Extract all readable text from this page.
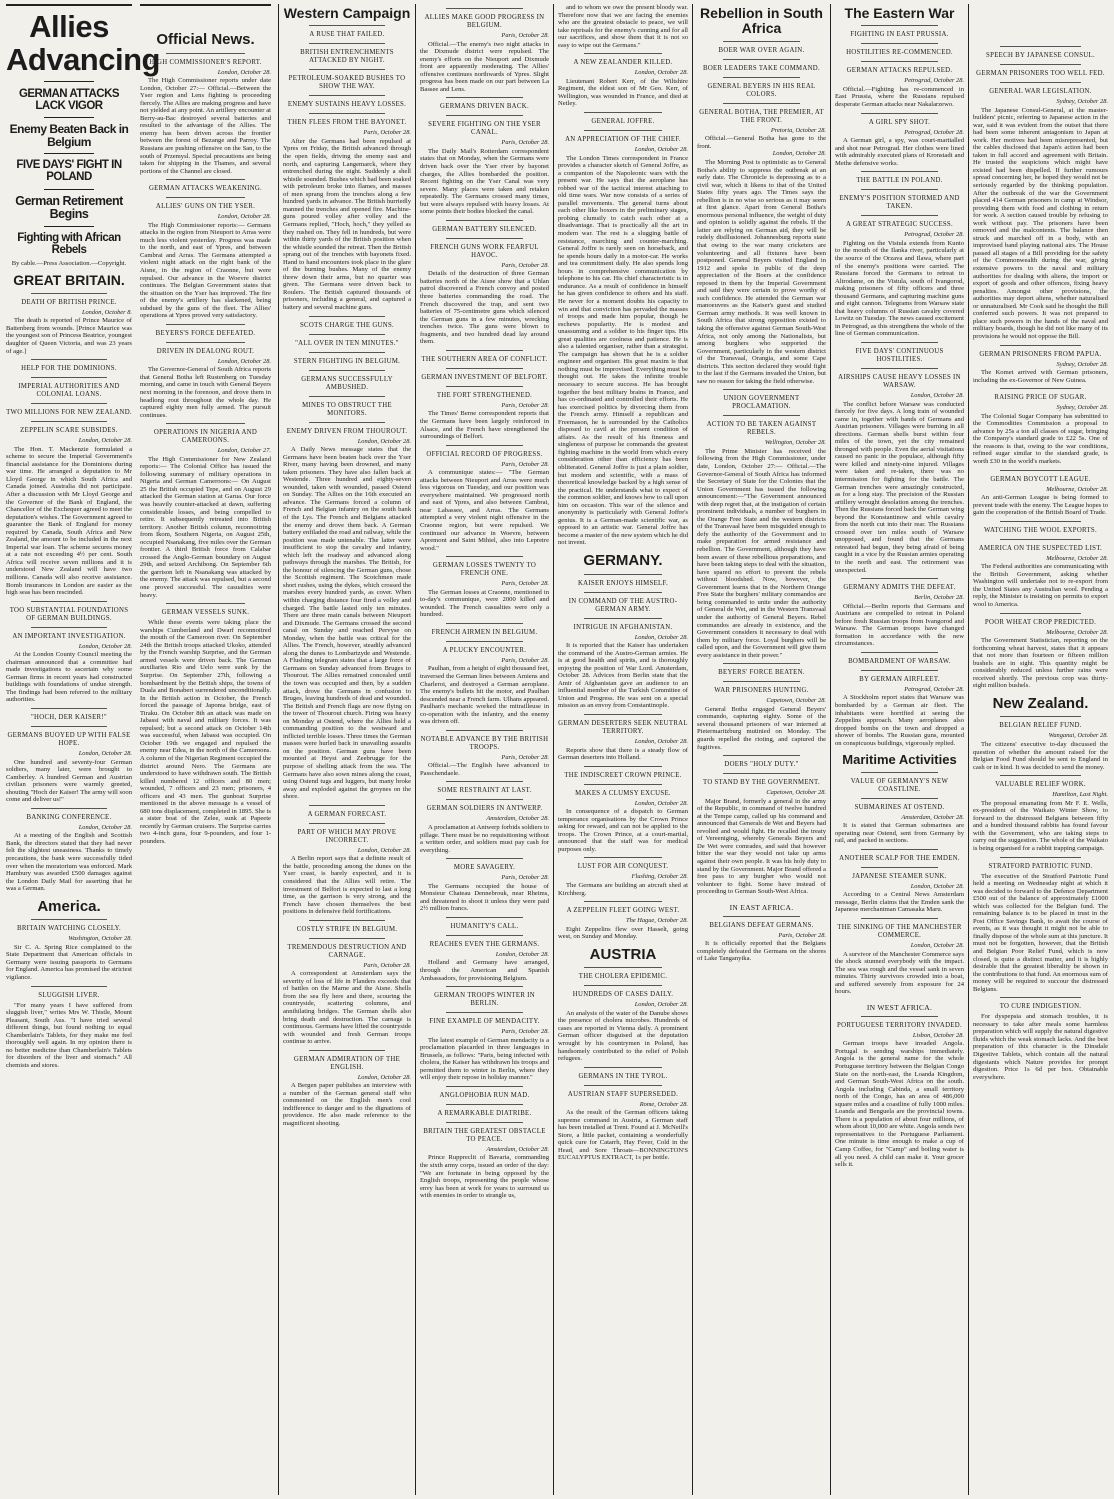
Allies Advancing
GERMAN ATTACKS LACK VIGOR
Enemy Beaten Back in Belgium
FIVE DAYS' FIGHT IN POLAND
German Retirement Begins
Fighting with African Rebels
By cable.—Press Association.—Copyright.
GREAT BRITAIN.
DEATH OF BRITISH PRINCE.
London, October 8.

The death is reported of Prince Maurice of Battenberg from wounds. [Prince Maurice was the youngest son of Princess Beatrice, youngest daughter of Queen Victoria, and was 23 years of age.]

HELP FOR THE DOMINIONS.
IMPERIAL AUTHORITIES AND COLONIAL LOANS.
TWO MILLIONS FOR NEW ZEALAND.
ZEPPELIN SCARE SUBSIDES.
London, October 28.

The Hon. T. Mackenzie formulated a scheme to secure the Imperial Government's financial assistance for the Dominions during war time. He arranged a deputation to Mr Lloyd George in which South Africa and Canada joined. Australia did not participate. After a discussion with Mr Lloyd George and the Governor of the Bank of England, the Chancellor of the Exchequer agreed to meet the deputation's wishes. The Government agreed to guarantee the Bank of England for money required by Canada, South Africa and New Zealand, the amount to be included in the next Imperial war loan. The scheme secures money at a rate not exceeding 4½ per cent. South Africa will receive seven millions and it is understood New Zealand will have two millions. Canada will also receive assistance. Bomb insurances in London are easier as the high seas has been rescinded.

TOO SUBSTANTIAL FOUNDATIONS OF GERMAN BUILDINGS.
AN IMPORTANT INVESTIGATION.
London, October 28.

At the London County Council meeting the chairman announced that a committee had made investigations to ascertain why some German firms in recent years had constructed buildings with foundations of undue strength. The findings had been referred to the military authorities.

"HOCH, DER KAISER!"
GERMANS BUOYED UP WITH FALSE HOPE.
London, October 28.

One hundred and seventy-four German soldiers, many later, were brought to Camberley. A hundred German and Austrian civilian prisoners were warmly greeted, shouting "Hoch der Kaiser! The army will soon come and deliver us!"

BANKING CONFERENCE.
London, October 28.

At a meeting of the English and Scottish Bank, the directors stated that they had never felt the slightest uneasiness. Thanks to timely precautions, the bank were successfully tided over when the moratorium was enforced. Mark Hambury was awarded £500 damages against the London Daily Mail for asserting that he was a German.

America.
BRITAIN WATCHING CLOSELY.
Washington, October 28.

Sir C. A. Spring Rice complained to the State Department that American officials in Germany were issuing passports to Germans for England. America has promised the strictest vigilance.

SLUGGISH LIVER.

"For many years I have suffered from sluggish liver," writes Mrs W. Thistle, Mount Pleasant, South Aus. "I have tried several different things, but found nothing to equal Chamberlain's Tablets, for they make me feel thoroughly well again. In my opinion there is no better medicine than Chamberlain's Tablets for disorders of the liver and stomach." All chemists and stores.

Official News.
HIGH COMMISSIONER'S REPORT.
London, October 28.

The High Commissioner reports under date London, October 27:— Official.—Between the Yser region and Lens fighting is proceeding fiercely. The Allies are making progress and have not yielded at any point. An artillery encounter at Berry-au-Bac destroyed several batteries and resulted to the advantage of the Allies. The enemy has been driven across the frontier between the forest of Bezange and Parroy. The Russians are pushing offensive on the San, to the south of Przemysl. Special precautions are being taken for shipping in the Thames, and several portions of the Channel are closed.

GERMAN ATTACKS WEAKENING.
ALLIES' GUNS ON THE YSER.
London, October 28.

The High Commissioner reports:— Germans attacks in the region from Nieuport to Arras were much less violent yesterday. Progress was made to the north, and east of Ypres, and between Cambrai and Arras. The Germans attempted a violent night attack on the right bank of the Aisne, in the region of Craonne, but were repulsed. Our advance in the Woevre district continues. The Belgian Government states that the situation on the Yser has improved. The fire of the enemy's artillery has slackened, being subdued by the guns of the fleet. The Allies' operations at Ypres proved very satisfactory.

BEYERS'S FORCE DEFEATED.
DRIVEN IN DEALONG ROUT.
London, October 28.

The Governor-General of South Africa reports that General Botha left Rustenberg on Tuesday morning, and came in touch with General Beyers next morning in the forenoon, and drove them in headlong rout throughout the whole day. He captured eighty men fully armed. The pursuit continues.

OPERATIONS IN NIGERIA AND CAMEROONS.
London, October 27.

The High Commissioner for New Zealand reports:— The Colonial Office has issued the following summary of military operations in Nigeria and German Cameroons:— On August 25 the British occupied Tepe, and on August 29 attacked the German station at Garua. Our force was heavily counter-attacked at dawn, suffering considerable losses, and being compelled to retire. It subsequently retreated into British territory. Another British column, reconnoitring from Ikom, Southern Nigeria, on August 25th, occupied Nsanakang, five miles over the German frontier. A third British force from Calabar crossed the Anglo-German boundary on August 29th, and seized Archibong. On September 6th the garrison left in Nsanakang was attacked by the enemy. The attack was repulsed, but a second one proved successful. The casualties were heavy.

GERMAN VESSELS SUNK.

While these events were taking place the warships Cumberland and Dwarf reconnoitred the mouth of the Cameroon river. On September 24th the British troops attacked Ukoko, attended by the French warship Surprise, and the German armed vessels were driven back. The German auxiliaries Rio and Uelo were sunk by the Surprise. On September 27th, following a bombardment by the British ships, the towns of Duala and Bonaberi surrendered unconditionally. In the British action in October, the French forced the passage of Japoma bridge, east of Tiraku. On October 8th an attack was made on Jabassi with naval and military forces. It was repulsed; but a second attack on October 14th was successful, when Jabassi was occupied. On October 19th we engaged and repulsed the enemy near Edea, in the north of the Cameroons. A column of the Nigerian Regiment occupied the district around Nero. The Germans are understood to have withdrawn south. The British killed numbered 12 officers and 80 men; wounded, 7 officers and 23 men; prisoners, 4 officers and 43 men. The gunboat Surprise mentioned in the above message is a vessel of 680 tons displacement, completed in 1895. She is a sister boat of the Zelee, sunk at Papeete recently by German cruisers. The Surprise carries two 4-inch guns, four 9-pounders, and four 1-pounders.

Western Campaign
A RUSE THAT FAILED.
BRITISH ENTRENCHMENTS ATTACKED BY NIGHT.
PETROLEUM-SOAKED BUSHES TO SHOW THE WAY.
ENEMY SUSTAINS HEAVY LOSSES.
THEN FLEES FROM THE BAYONET.
Paris, October 28.

After the Germans had been repulsed at Ypres on Friday, the British advanced through the open fields, driving the enemy east and north, and capturing Langemarck, where they entrenched during the night. Suddenly a shell whistle sounded. Bushes which had been soaked with petroleum broke into flames, and masses of men sprang from the trenches along a few hundred yards in advance. The British hurriedly manned the trenches and opened fire. Machine-guns poured volley after volley and the Germans replied, "Hoch, hoch," they yelled as they rushed on. They fell in hundreds, but were within thirty yards of the British position when the whistle sounded the retreat. Then the British sprang out of the trenches with bayonets fixed. Hand to hand encounters took place in the glare of the burning bushes. Many of the enemy threw down their arms, but no quarter was given. The Germans were driven back to Roulers. The British captured thousands of prisoners, including a general, and captured a battery and several machine guns.

SCOTS CHARGE THE GUNS.
"ALL OVER IN TEN MINUTES."
STERN FIGHTING IN BELGIUM.
GERMANS SUCCESSFULLY AMBUSHED.
MINES TO OBSTRUCT THE MONITORS.
ENEMY DRIVEN FROM THOUROUT.
London, October 28.

A Daily News message states that the Germans have been beaten back over the Yser River, many having been drowned, and many taken prisoners. They have also fallen back at Westende. Three hundred and eighty-seven wounded, taken with wounded, passed Ostend on Sunday. The Allies on the 16th executed an advance. The Germans forced a column of French and Belgian infantry on the south bank of the Lys. The French and Belgians attacked the enemy and drove them back. A German battery enfiladed the road and railway, while the position was made untenable. The latter were insufficient to stop the cavalry and infantry, which left the roadway and advanced along pathways through the marshes. The British, for the honour of silencing the German guns, chose the Scottish regiment. The Scotchmen made short rushes, using the dykes, which crossed the marshes every hundred yards, as cover. When within charging distance four fired a volley and charged. The battle lasted only ten minutes. There are three main canals between Nieuport and Dixmude. The Germans crossed the second canal on Sunday and reached Pervyse on Monday, when the battle was critical for the Allies. The French, however, steadily advanced along the dunes to Lombartzyde and Westende. A Flushing telegram states that a large force of Germans on Sunday advanced from Bruges to Thourout. The Allies remained concealed until the town was occupied and then, by a sudden attack, drove the Germans in confusion to Bruges, leaving hundreds of dead and wounded. The British and French flags are now flying on the tower of Thourout church. Firing was heavy on Monday at Ostend, where the Allies held a commanding position to the westward and inflicted terrible losses. Three times the German masses were hurled back in unavailing assaults on the position. German guns have been mounted at Heyst and Zeebrugge for the purpose of shelling attack from the sea. The Germans have also sown mines along the coast, using Ostend tugs and luggers, but many broke away and exploded against the groynes on the shore.

A GERMAN FORECAST.
PART OF WHICH MAY PROVE INCORRECT.
London, October 28.

A Berlin report says that a definite result of the battle, proceeding among the dunes on the Yser coast, is barely expected, and it is considered that the Allies will retire. The investment of Belfort is expected to last a long time, as the garrison is very strong, and the French have chosen themselves the best positions in defensive field fortifications.

COSTLY STRIFE IN BELGIUM.
TREMENDOUS DESTRUCTION AND CARNAGE.
Paris, October 28.

A correspondent at Amsterdam says the severity of loss of life in Flanders exceeds that of battles on the Marne and the Aisne. Shells from the sea fly here and there, scouring the countryside, scattering columns, and annihilating bridges. The German shells also bring death and destruction. The carnage is continuous. Germans have lifted the countryside with wounded and fresh German troops continue to arrive.

GERMAN ADMIRATION OF THE ENGLISH.
London, October 28.

A Bergen paper publishes an interview with a number of the German general staff who commented on the English men's cool indifference to danger and to the dignations of providence. He also made reference to the magnificent shooting.

ALLIES MAKE GOOD PROGRESS IN BELGIUM.
Paris, October 28.

Official.—The enemy's two night attacks in the Dixmude district were repulsed. The enemy's efforts on the Nieuport and Dixmude front are apparently moderating. The Allies' offensive continues northwards of Ypres. Slight progress has been made on our part between La Bassee and Lens.

GERMANS DRIVEN BACK.
SEVERE FIGHTING ON THE YSER CANAL.
Paris, October 28.

The Daily Mail's Rotterdam correspondent states that on Monday, when the Germans were driven back over the Yser river by bayonet charges, the Allies bombarded the position. Recent fighting on the Yser Canal was very severe. Many places were taken and retaken repeatedly. The Germans crossed many times, but were always repulsed with heavy losses. At some points their bodies blocked the canal.

GERMAN BATTERY SILENCED.
FRENCH GUNS WORK FEARFUL HAVOC.
Paris, October 28.

Details of the destruction of three German batteries north of the Aisne show that a Uhlan patrol discovered a French convoy and posted three batteries commanding the road. The French discovered the trap, and sent two batteries of 75-centimetre guns which silenced the German guns in a few minutes, wrecking trenches twice. The guns were blown to fragments, and two hundred dead lay around them.

THE SOUTHERN AREA OF CONFLICT.
GERMAN INVESTMENT OF BELFORT.
THE FORT STRENGTHENED.
Paris, October 28.

The Times' Berne correspondent reports that the Germans have been largely reinforced in Alsace, and the French have strengthened the surroundings of Belfort.

OFFICIAL RECORD OF PROGRESS.
Paris, October 28.

A communique states:— "The German attacks between Nieuport and Arras were much less vigorous on Tuesday, and our position was everywhere maintained. We progressed north and east of Ypres, and also between Cambrai, near Labassee, and Arras. The Germans attempted a very violent night offensive in the Craonne region, but were repulsed. We continued our advance in Woevre, between Apremont and Saint Mihiel, also into Lepretre wood."

GERMAN LOSSES TWENTY TO FRENCH ONE.
Paris, October 28.

The German losses at Craonne, mentioned in to-day's communique, were 2000 killed and wounded. The French casualties were only a hundred.

FRENCH AIRMEN IN BELGIUM.
A PLUCKY ENCOUNTER.
Paris, October 28.

Paulhan, from a height of eight thousand feet, traversed the German lines between Amiens and Charleroi, and destroyed a German aeroplane. The enemy's bullets hit the motor, and Paulhan descended near a French farm. Ulhans appeared. Paulhan's mechanic worked the mitrailleuse in co-operation with the infantry, and the enemy was driven off.

NOTABLE ADVANCE BY THE BRITISH TROOPS.
Paris, October 28.

Official.—The English have advanced to Passchendaele.

SOME RESTRAINT AT LAST.
GERMAN SOLDIERS IN ANTWERP.
Amsterdam, October 28.

A proclamation at Antwerp forbids soldiers to pillage. There must be no requisitioning without a written order, and soldiers must pay cash for everything.

MORE SAVAGERY.
Paris, October 28.

The Germans occupied the house of Monsieur Chateau Dennebrouk, near Rheims, and threatened to shoot it unless they were paid 2½ million francs.

HUMANITY'S CALL.
REACHES EVEN THE GERMANS.
London, October 28.

Holland and Germany have arranged, through the American and Spanish Ambassadors, for provisioning Belgium.

GERMAN TROOPS WINTER IN BERLIN.
FINE EXAMPLE OF MENDACITY.
Paris, October 28.

The latest example of German mendacity is a proclamation placarded in three languages in Brussels, as follows: "Paris, being infected with cholera, the Kaiser has withdrawn his troops and permitted them to winter in Berlin, where they will enjoy their repose in holiday manner."

ANGLOPHOBIA RUN MAD.
A REMARKABLE DIATRIBE.
BRITAIN THE GREATEST OBSTACLE TO PEACE.
Amsterdam, October 28.

Prince Ruppreclit of Bavaria, commanding the sixth army corps, issued an order of the day: "We are fortunate in being opposed by the English troops, representing the people whose envy has been at work for years to surround us with enemies in order to strangle us,

and to whom we owe the present bloody war. Therefore now that we are facing the enemies who are the greatest obstacle to peace, we will take reprisals for the enemy's cunning and for all our sacrifices, and show them that it is not so easy to wipe out the Germans."

A NEW ZEALANDER KILLED.
London, October 28.

Lieutenant Robert Kerr, of the Wiltshire Regiment, the eldest son of Mr Geo. Kerr, of Wellington, was wounded in France, and died at Netley.

GENERAL JOFFRE.
AN APPRECIATION OF THE CHIEF.
London, October 28.

The London Times correspondent in France provides a character sketch of General Joffre, as a companion of the Napoleonic wars with the present war. He says that the aeroplane has robbed war of the tactical interest attaching to old time wars. War now consists of a series of parallel movements. The general turns about each other like boxers in the preliminary stages, probing clumsily to catch each other at a disadvantage. That is practically all the art in modern war. The rest is a slugging battle of resistance, marching and counter-marching. General Joffre is rarely seen on horseback, and he spends hours daily in a motor-car. He works and tea commitment daily. He also spends long hours in comprehensive communication by telephone to his car. His chief characteristic is in endurance. As a result of confidence in himself he has given confidence to others and his staff. He never for a moment doubts his capacity to win and that conviction has pervaded the masses of troops and made him popular, though he eschews popularity. He is modest and unassuming and a soldier to his finger tips. His great qualities are coolness and patience. He is also a talented organiser, rather than a strategist. The campaign has shown that he is a soldier engineer and organiser. His great maxim is that nothing must be improvised. Everything must be thought out. He takes the infinite trouble necessary to secure success. He has brought together the best military brains in France, and has co-ordinated and controlled their efforts. He has exercised politics by divorcing them from the French army. Himself a republican and Freemason, he is surrounded by the Catholics disposed to cavil at the present condition of affairs. As the result of his fineness and singleness of purpose he commands the greatest fighting machine in the world from which every consideration other than efficiency has been obliterated. General Joffre is just a plain soldier, but modern and scientific, with a mass of theoretical knowledge backed by a high sense of the practical. He understands what to expect of the common soldier, and knows how to call upon him on occasion. This war of the silence and anonymity is particularly with General Joffre's genius. It is a German-made scientific war, as opposed to an artistic war. General Joffre has become a master of the new system which he did not invent.

GERMANY.
KAISER ENJOYS HIMSELF.
IN COMMAND OF THE AUSTRO-GERMAN ARMY.
INTRIGUE IN AFGHANISTAN.
London, October 28.

It is reported that the Kaiser has undertaken the command of the Austro-German armies. He is at good health and spirits, and is thoroughly enjoying the position of War Lord. Amsterdam, October 28. Advices from Berlin state that the Amir of Afghanistan gave an audience to an influential member of the Turkish Committee of Union and Progress. He was sent on a special mission as an envoy from Constantinople.

GERMAN DESERTERS SEEK NEUTRAL TERRITORY.
London, October 28.

Reports show that there is a steady flow of German deserters into Holland.

THE INDISCREET CROWN PRINCE.
MAKES A CLUMSY EXCUSE.
London, October 28.

In consequence of a dispatch to German temperance organisations by the Crown Prince asking for reward, and can not be applied to the troops. The Crown Prince, at a court-martial, announced that the staff was for medical purposes only.

LUST FOR AIR CONQUEST.
Flushing, October 28.

The Germans are building an aircraft shed at Kirchberg.

A ZEPPELIN FLEET GOING WEST.
The Hague, October 28.

Eight Zeppelins flew over Hasselt, going west, on Sunday and Monday.

AUSTRIA
THE CHOLERA EPIDEMIC.
HUNDREDS OF CASES DAILY.
London, October 28.

An analysis of the water of the Danube shows the presence of cholera microbes. Hundreds of cases are reported in Vienna daily. A prominent German officer disguised at the deputation wrought by his countrymen in Poland, has handsomely contributed to the relief of Polish refugees.

GERMANS IN THE TYROL.
AUSTRIAN STAFF SUPERSEDED.
Rome, October 28.

As the result of the German officers taking supreme command in Austria, a German staff has been installed at Trent. Found at J. McNeill's Store, a little packet, containing a wonderfully quick cure for Catarrh, Hay Fever, Cold in the Head, and Sore Throats—BONNINGTON'S EUCALYPTUS EXTRACT, 1s per bottle.

Rebellion in South Africa
BOER WAR OVER AGAIN.
BOER LEADERS TAKE COMMAND.
GENERAL BEYERS IN HIS REAL COLORS.
GENERAL BOTHA, THE PREMIER, AT THE FRONT.
Pretoria, October 28.

Official.—General Botha has gone to the front.

London, October 28.

The Morning Post is optimistic as to General Botha's ability to suppress the outbreak at an early date. The Chronicle is depressing as to a civil war, which it likens to that of the United States fifty years ago. The Times says the rebellion is in no wise so serious as it may seem at first glance. Apart from General Botha's enormous personal influence, the weight of duty and opinion is solidly against the rebels. If the latter are relying on German aid, they will be rudely disillusioned. Johannesburg reports state that owing to the war many cricketers are volunteering and all fixtures have been postponed. General Beyers visited England in 1912 and spoke in public of the deep appreciation of the Boers at the confidence reposed in them by the Imperial Government and said they were certain to prove worthy of such confidence. He attended the German war manoeuvres as the Kaiser's guest and studied German army methods. It was well known in South Africa that strong opposition existed to taking the offensive against German South-West Africa, not only among the Nationalists, but among burghers who supported the Government, particularly in the western district of the Transvaal, Orangia, and some Cape districts. This section declared they would fight to the last if the Germans invaded the Union, but saw no reason for taking the field otherwise.

UNION GOVERNMENT PROCLAMATION.
ACTION TO BE TAKEN AGAINST REBELS.
Wellington, October 28.

The Prime Minister has received the following from the High Commissioner, under date, London, October 27:— Official.—The Governor-General of South Africa has informed the Secretary of State for the Colonies that the Union Government has issued the following announcement:—"The Government announced with deep regret that, at the instigation of certain prominent individuals, a number of burghers in the Orange Free State and the western districts of the Transvaal have been misguided enough to defy the authority of the Government and to make preparation for armed resistance and rebellion. The Government, although they have been aware of these rebellious preparations, and have been taking steps to deal with the situation, have spared no effort to prevent the rebels without bloodshed. Now, however, the Government learns that in the Northern Orange Free State the burghers' military commandos are being commanded to unite under the authority of General de Wet, and in the Western Transvaal under the authority of General Beyers. Rebel commandos are already in existence, and the Government considers it necessary to deal with them by military force. Loyal burghers will be called upon, and the Government will give them every assistance in their power."

BEYERS' FORCE BEATEN.
WAR PRISONERS HUNTING.
Capetown, October 28.

General Botha engaged General Beyers' commando, capturing eighty. Some of the several thousand prisoners of war interned at Pietermaritzburg mutinied on Monday. The guards repelled the rioting, and captured the fugitives.

DOERS "HOLY DUTY."
TO STAND BY THE GOVERNMENT.
Capetown, October 28.

Major Brand, formerly a general in the army of the Republic, in command of twelve hundred at the Tempe camp, called up his command and announced that Generals de Wet and Beyers had revolted and would fight. He recalled the treaty of Vereeniging, whereby Generals Beyers and De Wet were comrades, and said that however bitter the war they would not take up arms against their own people. It was his holy duty to stand by the Government. Major Brand offered a free pass to any burgher who would not volunteer to fight. Some have instead of proceeding to German South-West Africa.

IN EAST AFRICA.
BELGIANS DEFEAT GERMANS.
Paris, October 28.

It is officially reported that the Belgians completely defeated the Germans on the shores of Lake Tanganyika.

The Eastern War
FIGHTING IN EAST PRUSSIA.
HOSTILITIES RE-COMMENCED.
GERMAN ATTACKS REPULSED.
Petrograd, October 28.

Official.—Fighting has re-commenced in East Prussia, where the Russians repulsed desperate German attacks near Nakalarzewo.

A GIRL SPY SHOT.
Petrograd, October 28.

A German girl, a spy, was court-martialled and shot near Petrograd. Her clothes were lined with admirably executed plans of Kronstadt and Methe defensive works.

THE BATTLE IN POLAND.
ENEMY'S POSITION STORMED AND TAKEN.
A GREAT STRATEGIC SUCCESS.
Petrograd, October 28.

Fighting on the Vistula extends from Kunto to the mouth of the Ilanka river, particularly at the source of the Orzava and Ilawa, where part of the enemy's positions were carried. The Russians forced the Germans to retreat to Altrodame, on the Vistula, south of Ivangorod, making prisoners of fifty officers and three thousand Germans, and capturing machine guns and eight cannon. Telegrams from Warsaw state that heavy columns of Russian cavalry covered Lowitz on Tuesday. The news caused excitement in Petrograd, as this strengthens the whole of the line of German communication.

FIVE DAYS' CONTINUOUS HOSTILITIES.
AIRSHIPS CAUSE HEAVY LOSSES IN WARSAW.
London, October 28.

The conflict before Warsaw was conducted fiercely for five days. A long train of wounded came in, together with bands of Germans and Austrian prisoners. Villages were burning in all directions. German shells burst within four miles of the town, yet the city remained thronged with people. Even the aerial visitations caused no panic in the populace, although fifty were killed and ninety-nine injured. Villages were taken and re-taken, there was no intermission for fighting for the battle. The German trenches were amazingly constructed, as for a long stay. The precision of the Russian artillery wrought desolation among the trenches. Then the Russians forced back the German wing beyond the Konstantinow and while cavalry from the north cut into their rear. The Russians crossed over ten miles south of Warsaw unopposed, and found that the Germans retreated had begun, they being afraid of being caught in a vice by the Russian armies operating to the north and east. The retirement was unexpected.

GERMANY ADMITS THE DEFEAT.
Berlin, October 28.

Official.—Berlin reports that Germans and Austrians are compelled to retreat in Poland before fresh Russian troops from Ivangorod and Warsaw. The German troops have changed formation in accordance with the new circumstances.

BOMBARDMENT OF WARSAW.
BY GERMAN AIRFLEET.
Petrograd, October 28.

A Stockholm report states that Warsaw was bombarded by a German air fleet. The inhabitants were horrified at seeing the Zeppelins approach. Many aeroplanes also dropped bombs on the town and dropped a shower of bombs. The Russian guns, mounted on conspicuous buildings, vigorously replied.

Maritime Activities
VALUE OF GERMANY'S NEW COASTLINE.
SUBMARINES AT OSTEND.
Amsterdam, October 28.

It is stated that German submarines are operating near Ostend, sent from Germany by rail, and packed in sections.

ANOTHER SCALP FOR THE EMDEN.
JAPANESE STEAMER SUNK.
London, October 28.

According to a Central News Amsterdam message, Berlin claims that the Emden sank the Japanese merchantman Camasaka Maru.

THE SINKING OF THE MANCHESTER COMMERCE.
London, October 28.

A survivor of the Manchester Commerce says the shock stunned everybody with the impact. The sea was rough and the vessel sank in seven minutes. Thirty survivors crowded into a boat, and suffered severely from exposure for 24 hours.

IN WEST AFRICA.
PORTUGUESE TERRITORY INVADED.
Lisbon, October 28.

German troops have invaded Angola. Portugal is sending warships immediately. Angola is the general name for the whole Portuguese territory between the Belgian Congo State on the north-east, the Loanda Kingdom, and German South-West Africa on the south. Angola including Cabinda, a small territory north of the Congo, has an area of 486,000 square miles and a coastline of fully 1000 miles. Loanda and Benguela are the provincial towns. There is a population of about four millions, of whom about 10,000 are white. Angola sends two representatives to the Portuguese Parliament. One minute is time enough to make a cup of Camp Coffee, for "Camp" and boiling water is all you need. A child can make it. Your grocer sells it.

SPEECH BY JAPANESE CONSUL.
GERMAN PRISONERS TOO WELL FED.
GENERAL WAR LEGISLATION.
Sydney, October 28.

The Japanese Consul-General, at the master-builders' picnic, referring to Japanese action in the war, said it was evident from the outset that there had been some inherent antagonism to Japan at work. Her motives had been misrepresented, but the cables disclosed that Japan's action had been taken in full accord and agreement with Britain. He trusted the suspicions which might have existed had been dispelled. If further rumours spread concerning her, he hoped they would not be seriously regarded by the thinking population. After the outbreak of the war the Government placed 414 German prisoners in camp at Windsor, providing them with food and clothing in return for work. A section caused trouble by refusing to work without pay. The prisoners have been removed and the malcontents. The balance then struck and marched off in a body, with an improvised band playing national airs. The House passed all stages of a Bill providing for the safety of the Commonwealth during the war, giving extensive powers to the naval and military authorities for dealing with aliens, the import or export of goods and other offences, fixing heavy penalties. Amongst other provisions, the authorities may deport aliens, whether naturalised or unnaturalised. Mr Cook said he thought the Bill conferred such powers. It was not prepared to place such powers in the hands of the naval and military boards, though he did not like many of its provisions he would not oppose the Bill.

GERMAN PRISONERS FROM PAPUA.
Sydney, October 28.

The Komet arrived with German prisoners, including the ex-Governor of New Guinea.

RAISING PRICE OF SUGAR.
Sydney, October 28.

The Colonial Sugar Company has submitted to the Commodities Commission a proposal to advance by 25s a ton all classes of sugar, bringing the Company's standard grade to £22 5s. One of the reasons is that, owing to the war conditions, refined sugar similar to the standard grade, is worth £30 in the world's markets.

GERMAN BOYCOTT LEAGUE.
Melbourne, October 28.

An anti-German League is being formed to prevent trade with the enemy. The League hopes to gain the cooperation of the British Board of Trade.

WATCHING THE WOOL EXPORTS.
AMERICA ON THE SUSPECTED LIST.
Melbourne, October 28.

The Federal authorities are communicating with the British Government, asking whether Washington will undertake not to re-export from the United States any Australian wool. Pending a reply, the Minister is insisting on permits to export wool to America.

POOR WHEAT CROP PREDICTED.
Melbourne, October 28.

The Government Statistician, reporting on the forthcoming wheat harvest, states that it appears that not more than fourteen or fifteen million bushels are in sight. This quantity might be considerably reduced unless further rains were received shortly. The previous crop was thirty-eight million bushels.

New Zealand.
BELGIAN RELIEF FUND.
Wanganui, October 28.

The citizens' executive to-day discussed the question of whether the amount raised for the Belgian Food Fund should be sent to England in cash or in kind. It was decided to send the money.

VALUABLE RELIEF WORK.
Hamilton, Last Night.

The proposal emanating from Mr F. E. Wells, ex-president of the Waikato Winter Show, to forward to the distressed Belgians between fifty and a hundred thousand rabbits has found favour with the Government, who are taking steps to carry out the suggestion. The whole of the Waikato is being organised for a rabbit trapping campaign.

STRATFORD PATRIOTIC FUND.

The executive of the Stratford Patriotic Fund held a meeting on Wednesday night at which it was decided to forward to the Defence Department £500 out of the balance of approximately £1000 which was collected for the Belgian fund. The remaining balance is to be placed in trust in the Post Office Savings Bank, to await the course of events, as it was thought it might not be able to finally dispose of the whole sum at this juncture. It must not be forgotten, however, that the British and Belgian Poor Relief Fund, which is now closed, is quite a distinct matter, and it is highly desirable that the greatest liberality be shown in the contributions to that fund. An enormous sum of money will be required to succour the distressed Belgians.

TO CURE INDIGESTION.

For dyspepsia and stomach troubles, it is necessary to take after meals some harmless preparation which will supply the natural digestive fluids which the weak stomach lacks. And the best preparation of this character is the Dinsdale Digestive Tablets, which contain all the natural digestants which Nature provides for prompt digestion. Price 1s 6d per box. Obtainable everywhere.
